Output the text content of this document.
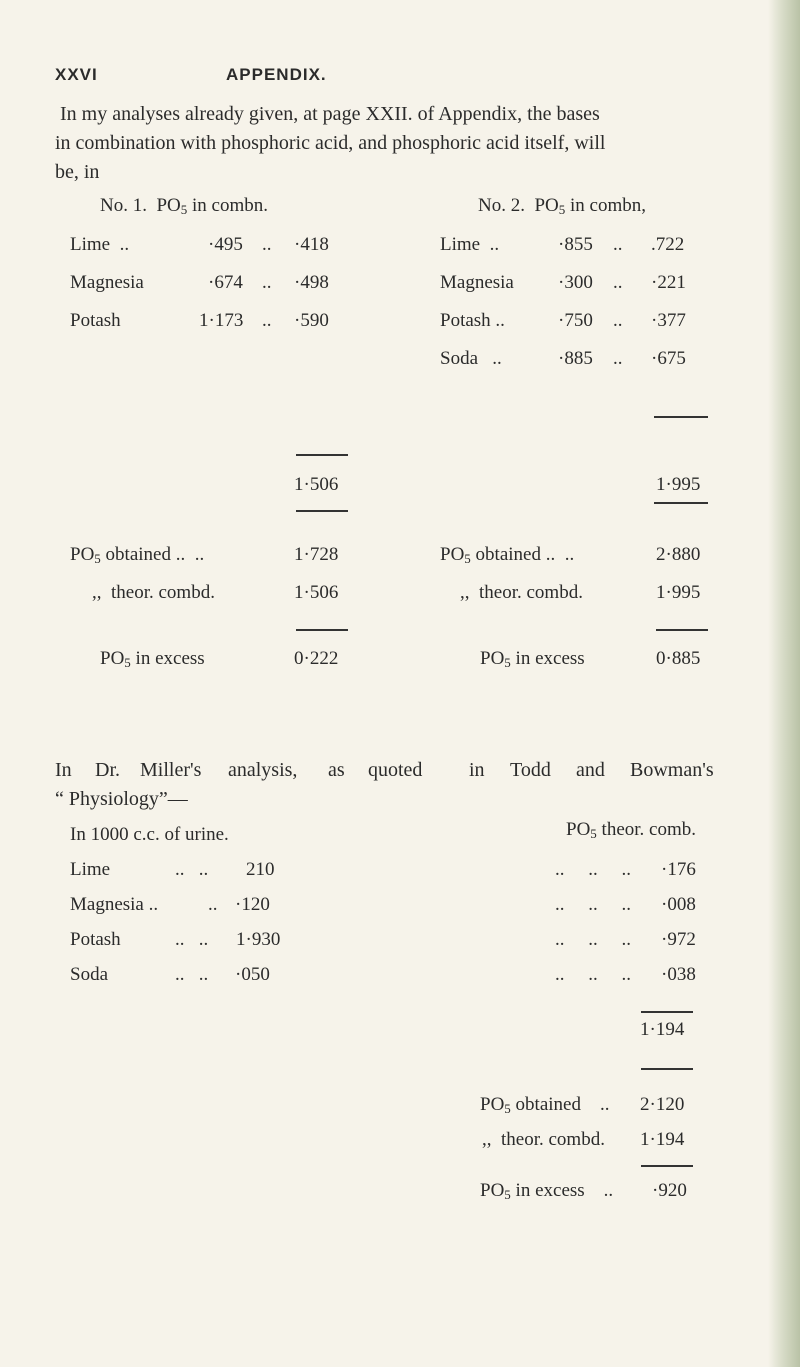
XXVI	APPENDIX.
In my analyses already given, at page XXII. of Appendix, the bases
in combination with phosphoric acid, and phosphoric acid itself, will
be, in
No. 1.  $PO_5$ in combn.
Lime  ..	·495 .. ·418
Magnesia	·674 .. ·498
Potash	1·173 .. ·590
1·506
$PO_5$ obtained ..  ..	1·728
,,  theor. combd.	1·506
$PO_5$ in excess	0·222
No. 2.  $PO_5$ in combn,
Lime  ..	·855 .. .722
Magnesia ·300 .. ·221
Potash ..	·750 .. ·377
Soda   ..	·885 .. ·675
1·995
$PO_5$ obtained ..  ..	2·880
,,  theor. combd.	1·995
$PO_5$ in excess	0·885
In Dr. Miller's analysis, as quoted in Todd and Bowman's
“ Physiology”—
In 1000 c.c. of urine.	$PO_5$ theor. comb.
Lime	..   .. 210	..     ..     .. ·176
Magnesia ..	.. ·120	..     ..     .. ·008
Potash	..   .. 1·930	..     ..     .. ·972
Soda	..   .. ·050	..     ..     .. ·038
1·194
$PO_5$ obtained    .. 2·120
,,  theor. combd. 1·194
$PO_5$ in excess    .. ·920
